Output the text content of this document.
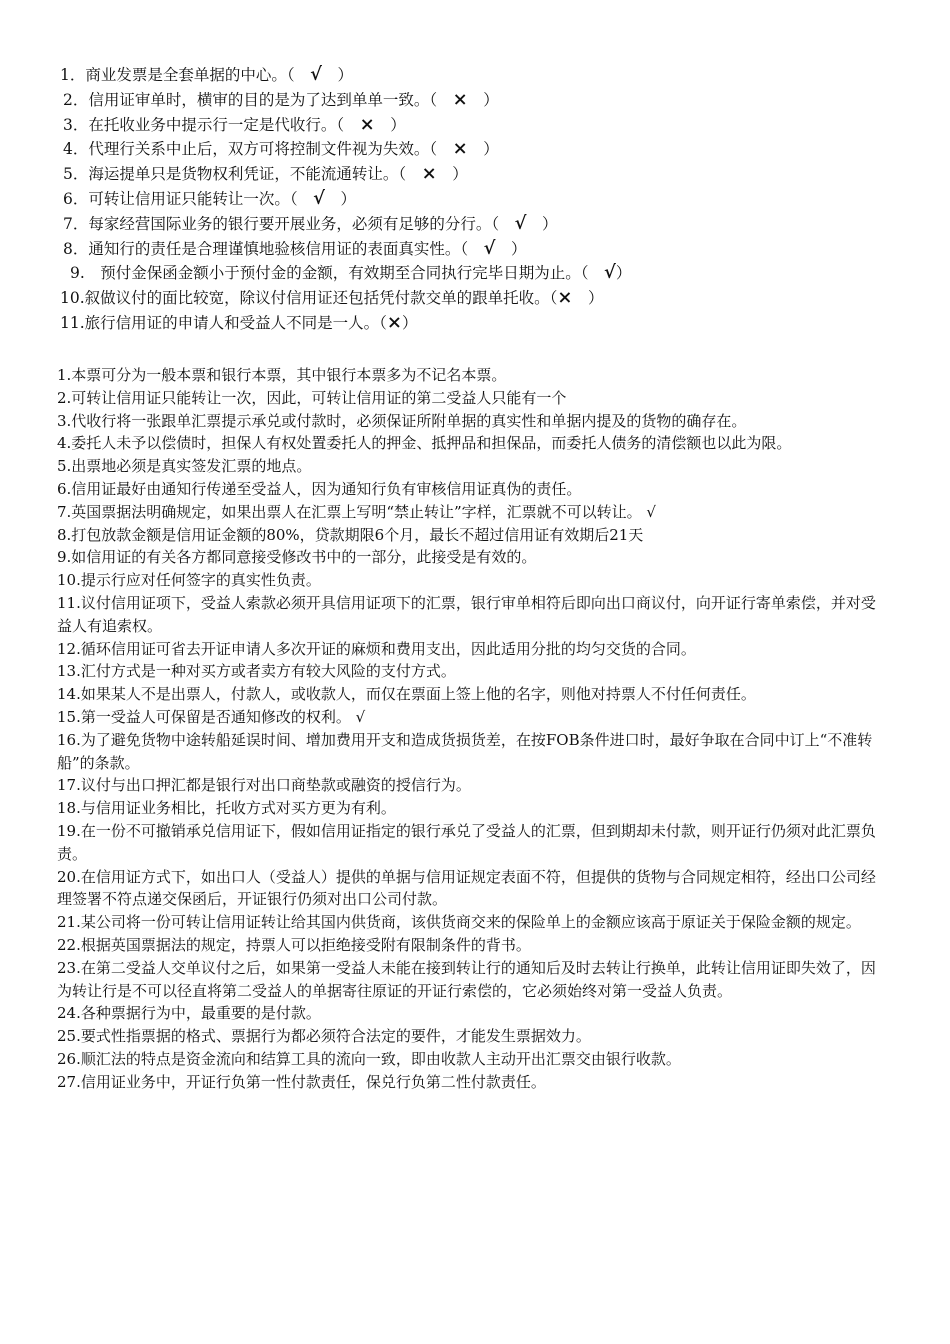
1．商业发票是全套单据的中心。（　√　）
2．信用证审单时，横审的目的是为了达到单单一致。（　×　）
3．在托收业务中提示行一定是代收行。（　×　）
4．代理行关系中止后，双方可将控制文件视为失效。（　×　）
5．海运提单只是货物权利凭证，不能流通转让。（　×　）
6．可转让信用证只能转让一次。（　√　）
7．每家经营国际业务的银行要开展业务，必须有足够的分行。（　√　）
8．通知行的责任是合理谨慎地验核信用证的表面真实性。（　√　）
9.　预付金保函金额小于预付金的金额，有效期至合同执行完毕日期为止。（　√）
10.叙做议付的面比较宽，除议付信用证还包括凭付款交单的跟单托收。（×　）
11.旅行信用证的申请人和受益人不同是一人。（×）
1.本票可分为一般本票和银行本票，其中银行本票多为不记名本票。
2.可转让信用证只能转让一次，因此，可转让信用证的第二受益人只能有一个
3.代收行将一张跟单汇票提示承兑或付款时，必须保证所附单据的真实性和单据内提及的货物的确存在。
4.委托人未予以偿债时，担保人有权处置委托人的押金、抵押品和担保品，而委托人债务的清偿额也以此为限。
5.出票地必须是真实签发汇票的地点。
6.信用证最好由通知行传递至受益人，因为通知行负有审核信用证真伪的责任。
7.英国票据法明确规定，如果出票人在汇票上写明“禁止转让”字样，汇票就不可以转让。 √
8.打包放款金额是信用证金额的80%，贷款期限6个月，最长不超过信用证有效期后21天
9.如信用证的有关各方都同意接受修改书中的一部分，此接受是有效的。
10.提示行应对任何签字的真实性负责。
11.议付信用证项下，受益人索款必须开具信用证项下的汇票，银行审单相符后即向出口商议付，向开证行寄单索偿，并对受益人有追索权。
12.循环信用证可省去开证申请人多次开证的麻烦和费用支出，因此适用分批的均匀交货的合同。
13.汇付方式是一种对买方或者卖方有较大风险的支付方式。
14.如果某人不是出票人，付款人，或收款人，而仅在票面上签上他的名字，则他对持票人不付任何责任。
15.第一受益人可保留是否通知修改的权利。 √
16.为了避免货物中途转船延误时间、增加费用开支和造成货损货差，在按FOB条件进口时，最好争取在合同中订上“不准转船”的条款。
17.议付与出口押汇都是银行对出口商垫款或融资的授信行为。
18.与信用证业务相比，托收方式对买方更为有利。
19.在一份不可撤销承兑信用证下，假如信用证指定的银行承兑了受益人的汇票，但到期却未付款，则开证行仍须对此汇票负责。
20.在信用证方式下，如出口人（受益人）提供的单据与信用证规定表面不符，但提供的货物与合同规定相符，经出口公司经理签署不符点递交保函后，开证银行仍须对出口公司付款。
21.某公司将一份可转让信用证转让给其国内供货商，该供货商交来的保险单上的金额应该高于原证关于保险金额的规定。
22.根据英国票据法的规定，持票人可以拒绝接受附有限制条件的背书。
23.在第二受益人交单议付之后，如果第一受益人未能在接到转让行的通知后及时去转让行换单，此转让信用证即失效了，因为转让行是不可以径直将第二受益人的单据寄往原证的开证行索偿的，它必须始终对第一受益人负责。
24.各种票据行为中，最重要的是付款。
25.要式性指票据的格式、票据行为都必须符合法定的要件，才能发生票据效力。
26.顺汇法的特点是资金流向和结算工具的流向一致，即由收款人主动开出汇票交由银行收款。
27.信用证业务中，开证行负第一性付款责任，保兑行负第二性付款责任。
